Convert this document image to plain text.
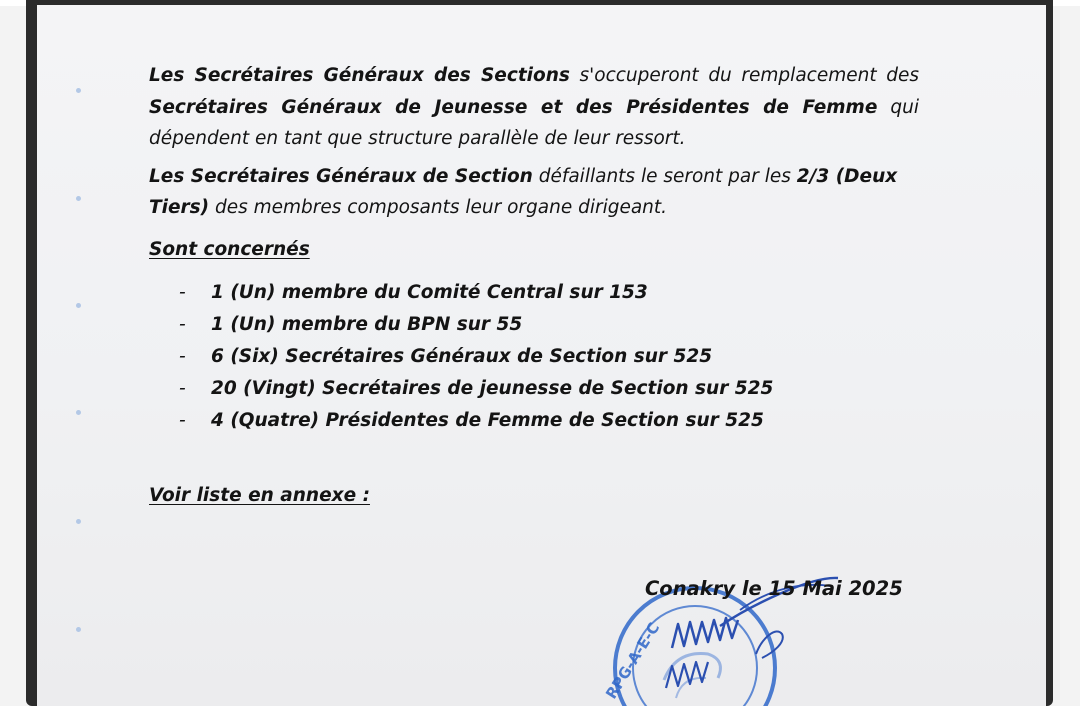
Les Secrétaires Généraux des Sections s'occuperont du remplacement des Secrétaires Généraux de Jeunesse et des Présidentes de Femme qui dépendent en tant que structure parallèle de leur ressort.

Les Secrétaires Généraux de Section défaillants le seront par les 2/3 (Deux Tiers) des membres composants leur organe dirigeant.

Sont concernés

- 1 (Un) membre du Comité Central sur 153
- 1 (Un) membre du BPN sur 55
- 6 (Six) Secrétaires Généraux de Section sur 525
- 20 (Vingt) Secrétaires de jeunesse de Section sur 525
- 4 (Quatre) Présidentes de Femme de Section sur 525

Voir liste en annexe :

RPG-A-E-C
Conakry le 15 Mai 2025
